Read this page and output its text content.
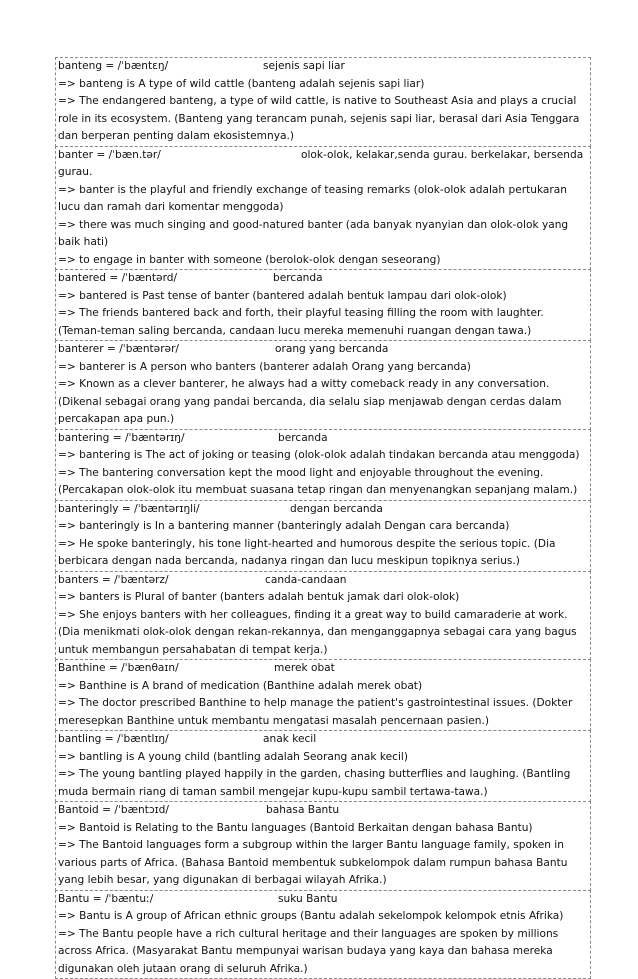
banteng = /ˈbæntɛŋ/	sejenis sapi liar
=> banteng is A type of wild cattle (banteng adalah sejenis sapi liar)
=> The endangered banteng, a type of wild cattle, is native to Southeast Asia and plays a crucial role in its ecosystem. (Banteng yang terancam punah, sejenis sapi liar, berasal dari Asia Tenggara dan berperan penting dalam ekosistemnya.)
banter = /ˈbæn.tər/	olok-olok, kelakar,senda gurau. berkelakar, bersenda gurau.
=> banter is the playful and friendly exchange of teasing remarks (olok-olok adalah pertukaran lucu dan ramah dari komentar menggoda)
=> there was much singing and good-natured banter (ada banyak nyanyian dan olok-olok yang baik hati)
=> to engage in banter with someone (berolok-olok dengan seseorang)
bantered = /ˈbæntərd/	bercanda
=> bantered is Past tense of banter (bantered adalah bentuk lampau dari olok-olok)
=> The friends bantered back and forth, their playful teasing filling the room with laughter. (Teman-teman saling bercanda, candaan lucu mereka memenuhi ruangan dengan tawa.)
banterer = /ˈbæntərər/	orang yang bercanda
=> banterer is A person who banters (banterer adalah Orang yang bercanda)
=> Known as a clever banterer, he always had a witty comeback ready in any conversation. (Dikenal sebagai orang yang pandai bercanda, dia selalu siap menjawab dengan cerdas dalam percakapan apa pun.)
bantering = /ˈbæntərɪŋ/	bercanda
=> bantering is The act of joking or teasing (olok-olok adalah tindakan bercanda atau menggoda)
=> The bantering conversation kept the mood light and enjoyable throughout the evening. (Percakapan olok-olok itu membuat suasana tetap ringan dan menyenangkan sepanjang malam.)
banteringly = /ˈbæntərɪŋli/	dengan bercanda
=> banteringly is In a bantering manner (banteringly adalah Dengan cara bercanda)
=> He spoke banteringly, his tone light-hearted and humorous despite the serious topic. (Dia berbicara dengan nada bercanda, nadanya ringan dan lucu meskipun topiknya serius.)
banters = /ˈbæntərz/	canda-candaan
=> banters is Plural of banter (banters adalah bentuk jamak dari olok-olok)
=> She enjoys banters with her colleagues, finding it a great way to build camaraderie at work. (Dia menikmati olok-olok dengan rekan-rekannya, dan menganggapnya sebagai cara yang bagus untuk membangun persahabatan di tempat kerja.)
Banthine = /ˈbænθaɪn/	merek obat
=> Banthine is A brand of medication (Banthine adalah merek obat)
=> The doctor prescribed Banthine to help manage the patient's gastrointestinal issues. (Dokter meresepkan Banthine untuk membantu mengatasi masalah pencernaan pasien.)
bantling = /ˈbæntlɪŋ/	anak kecil
=> bantling is A young child (bantling adalah Seorang anak kecil)
=> The young bantling played happily in the garden, chasing butterflies and laughing. (Bantling muda bermain riang di taman sambil mengejar kupu-kupu sambil tertawa-tawa.)
Bantoid = /ˈbæntɔɪd/	bahasa Bantu
=> Bantoid is Relating to the Bantu languages (Bantoid Berkaitan dengan bahasa Bantu)
=> The Bantoid languages form a subgroup within the larger Bantu language family, spoken in various parts of Africa. (Bahasa Bantoid membentuk subkelompok dalam rumpun bahasa Bantu yang lebih besar, yang digunakan di berbagai wilayah Afrika.)
Bantu = /ˈbæntuː/	suku Bantu
=> Bantu is A group of African ethnic groups (Bantu adalah sekelompok kelompok etnis Afrika)
=> The Bantu people have a rich cultural heritage and their languages are spoken by millions across Africa. (Masyarakat Bantu mempunyai warisan budaya yang kaya dan bahasa mereka digunakan oleh jutaan orang di seluruh Afrika.)
